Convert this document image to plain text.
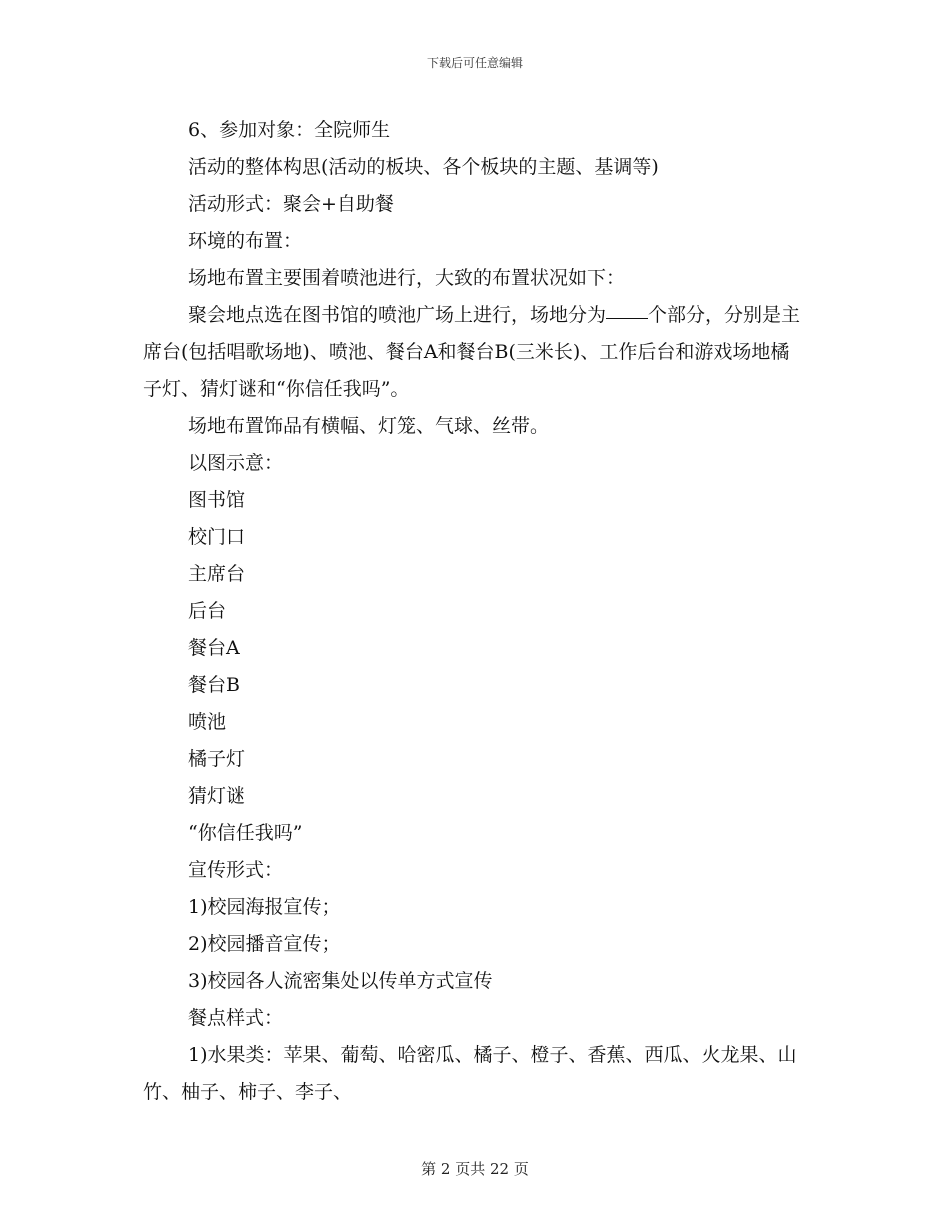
下载后可任意编辑

6、参加对象：全院师生

活动的整体构思(活动的板块、各个板块的主题、基调等)

活动形式：聚会+自助餐

环境的布置：

场地布置主要围着喷池进行，大致的布置状况如下：

聚会地点选在图书馆的喷池广场上进行，场地分为 个部分，分别是主席台(包括唱歌场地)、喷池、餐台A和餐台B(三米长)、工作后台和游戏场地橘子灯、猜灯谜和“你信任我吗”。

场地布置饰品有横幅、灯笼、气球、丝带。

以图示意：

图书馆

校门口

主席台

后台

餐台A

餐台B

喷池

橘子灯

猜灯谜

“你信任我吗”

宣传形式：

1)校园海报宣传；

2)校园播音宣传；

3)校园各人流密集处以传单方式宣传

餐点样式：

1)水果类：苹果、葡萄、哈密瓜、橘子、橙子、香蕉、西瓜、火龙果、山竹、柚子、柿子、李子、

第 2 页共 22 页
